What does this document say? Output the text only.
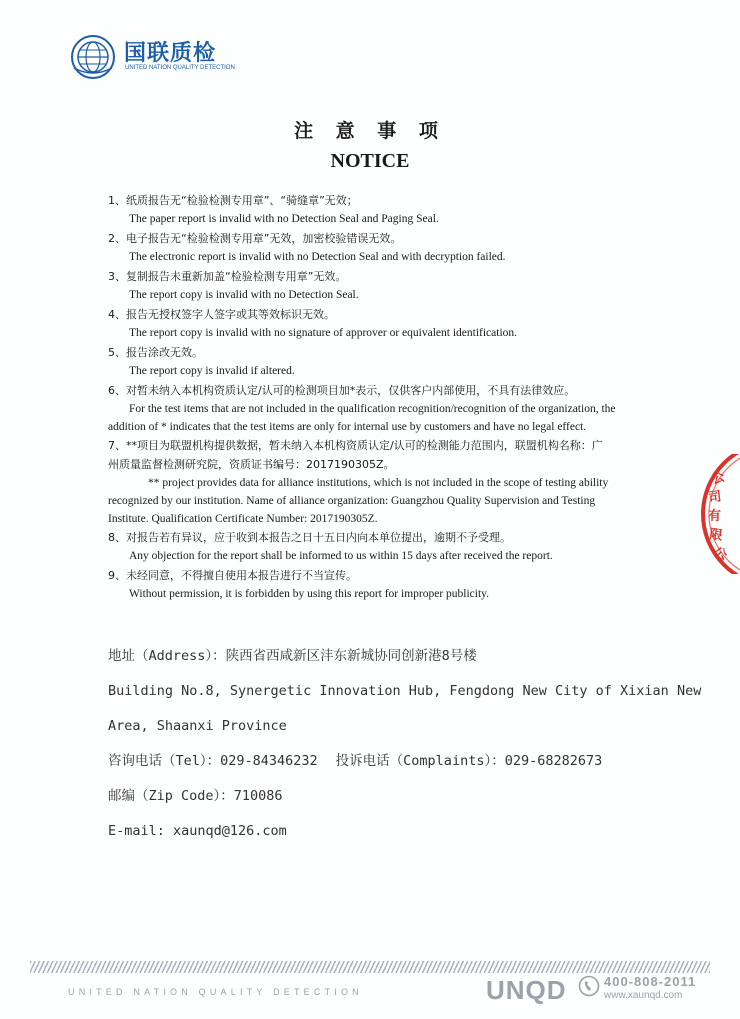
国联质检
UNITED NATION QUALITY DETECTION
注 意 事 项
NOTICE
1、纸质报告无“检验检测专用章”、“骑缝章”无效；
The paper report is invalid with no Detection Seal and Paging Seal.
2、电子报告无“检验检测专用章”无效，加密校验错误无效。
The electronic report is invalid with no Detection Seal and with decryption failed.
3、复制报告未重新加盖“检验检测专用章”无效。
The report copy is invalid with no Detection Seal.
4、报告无授权签字人签字或其等效标识无效。
The report copy is invalid with no signature of approver or equivalent identification.
5、报告涂改无效。
The report copy is invalid if altered.
6、对暂未纳入本机构资质认定/认可的检测项目加*表示，仅供客户内部使用，不具有法律效应。
For the test items that are not included in the qualification recognition/recognition of the organization, the
addition of * indicates that the test items are only for internal use by customers and have no legal effect.
7、**项目为联盟机构提供数据，暂未纳入本机构资质认定/认可的检测能力范围内，联盟机构名称：广
州质量监督检测研究院，资质证书编号：2017190305Z。
** project provides data for alliance institutions, which is not included in the scope of testing ability
recognized by our institution. Name of alliance organization: Guangzhou Quality Supervision and Testing
Institute. Qualification Certificate Number: 2017190305Z.
8、对报告若有异议，应于收到本报告之日十五日内向本单位提出，逾期不予受理。
Any objection for the report shall be informed to us within 15 days after received the report.
9、未经同意，不得擅自使用本报告进行不当宣传。
Without permission, it is forbidden by using this report for improper publicity.
公
司
有
限
公
地址（Address）：陕西省西咸新区沣东新城协同创新港8号楼
Building No.8, Synergetic Innovation Hub, Fengdong New City of Xixian New
Area, Shaanxi Province
咨询电话（Tel）：029-84346232 投诉电话（Complaints）：029-68282673
邮编（Zip Code）：710086
E-mail: xaunqd@126.com
UNITED NATION QUALITY DETECTION	UNQD	400-808-2011
www.xaunqd.com
